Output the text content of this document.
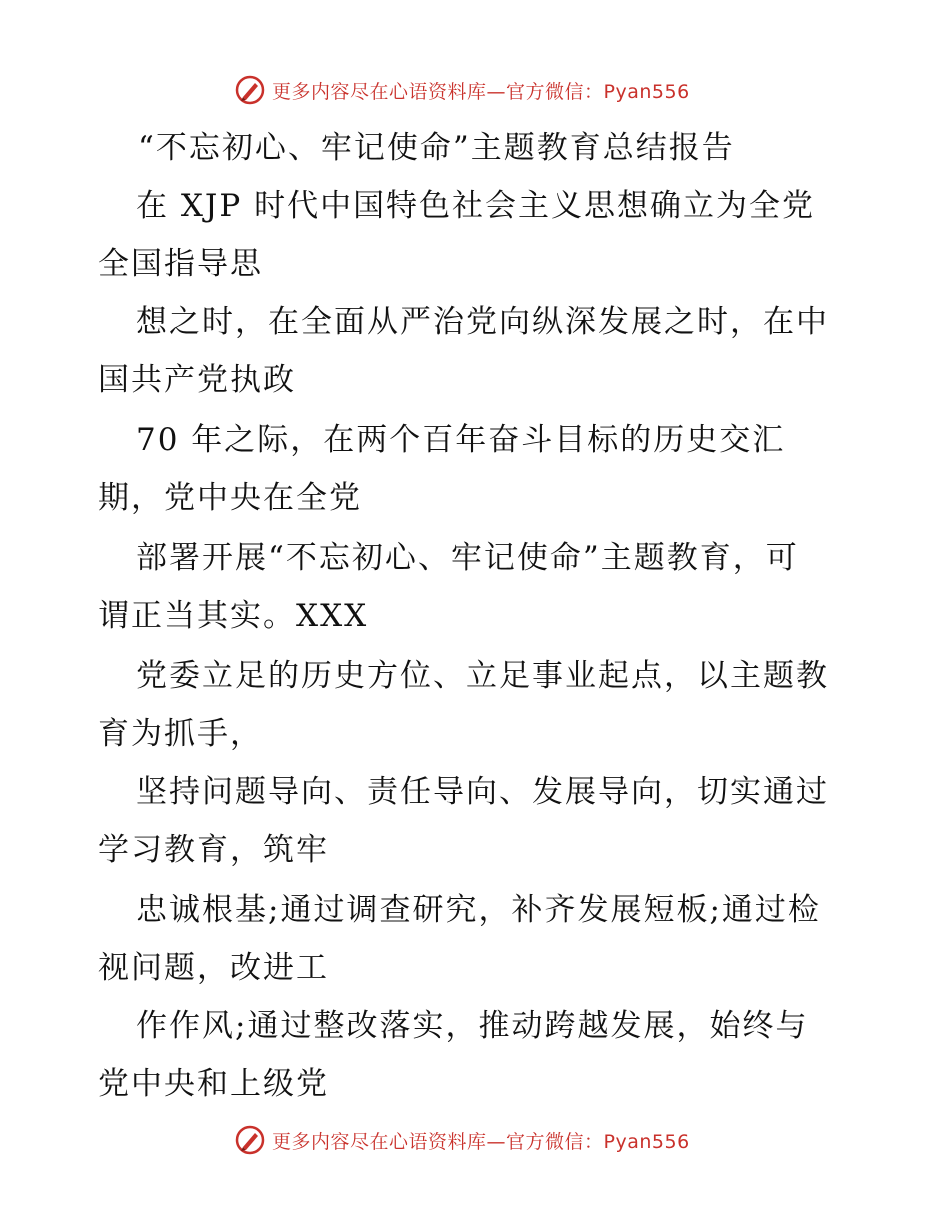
更多内容尽在心语资料库—官方微信：Pyan556
“不忘初心、牢记使命”主题教育总结报告
在 XJP 时代中国特色社会主义思想确立为全党
全国指导思
想之时，在全面从严治党向纵深发展之时，在中
国共产党执政
70 年之际，在两个百年奋斗目标的历史交汇
期，党中央在全党
部署开展“不忘初心、牢记使命”主题教育，可
谓正当其实。XXX
党委立足的历史方位、立足事业起点，以主题教
育为抓手，
坚持问题导向、责任导向、发展导向，切实通过
学习教育，筑牢
忠诚根基;通过调查研究，补齐发展短板;通过检
视问题，改进工
作作风;通过整改落实，推动跨越发展，始终与
党中央和上级党
更多内容尽在心语资料库—官方微信：Pyan556
